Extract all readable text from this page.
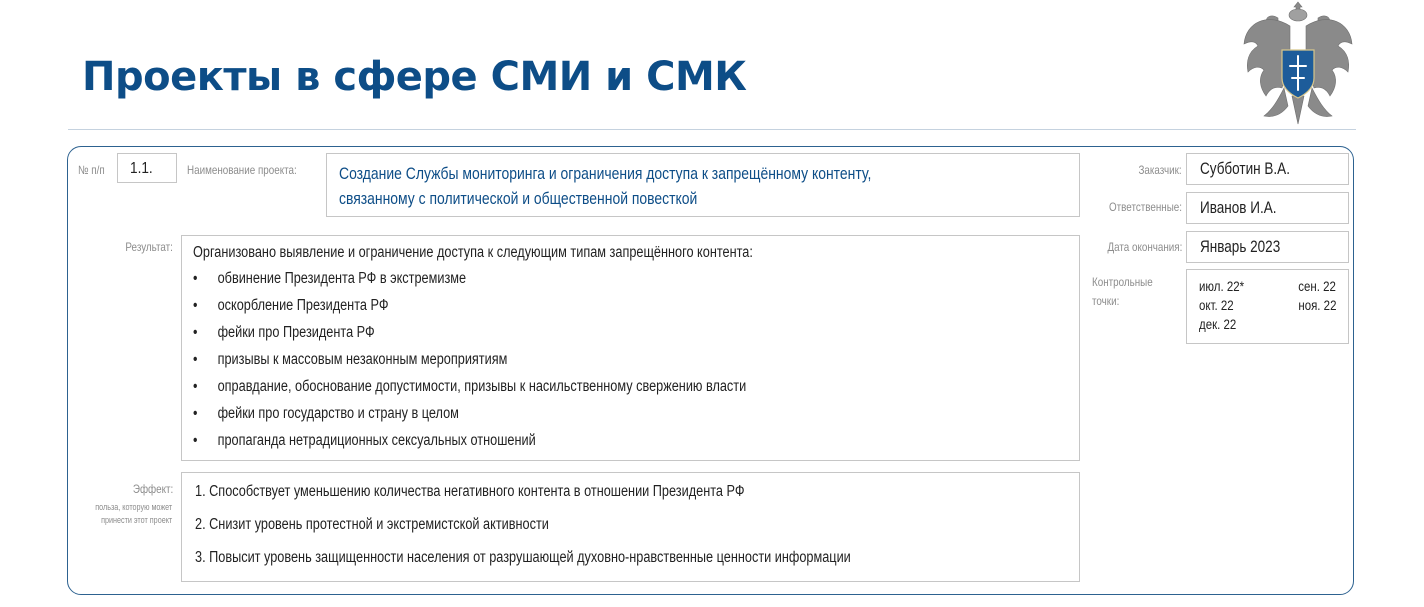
Проекты в сфере СМИ и СМК
№ п/п 1.1.	Наименование проекта: Создание Службы мониторинга и ограничения доступа к запрещённому контенту,
связанному с политической и общественной повесткой
Результат: Организовано выявление и ограничение доступа к следующим типам запрещённого контента:
• обвинение Президента РФ в экстремизме
• оскорбление Президента РФ
• фейки про Президента РФ
• призывы к массовым незаконным мероприятиям
• оправдание, обоснование допустимости, призывы к насильственному свержению власти
• фейки про государство и страну в целом
• пропаганда нетрадиционных сексуальных отношений
Эффект:
польза, которую может
принести этот проект
1. Способствует уменьшению количества негативного контента в отношении Президента РФ
2. Снизит уровень протестной и экстремистской активности
3. Повысит уровень защищенности населения от разрушающей духовно-нравственные ценности информации
Заказчик: Субботин В.А.
Ответственные: Иванов И.А.
Дата окончания: Январь 2023
Контрольные
точки:
июл. 22*	сен. 22
окт. 22	ноя. 22
дек. 22
